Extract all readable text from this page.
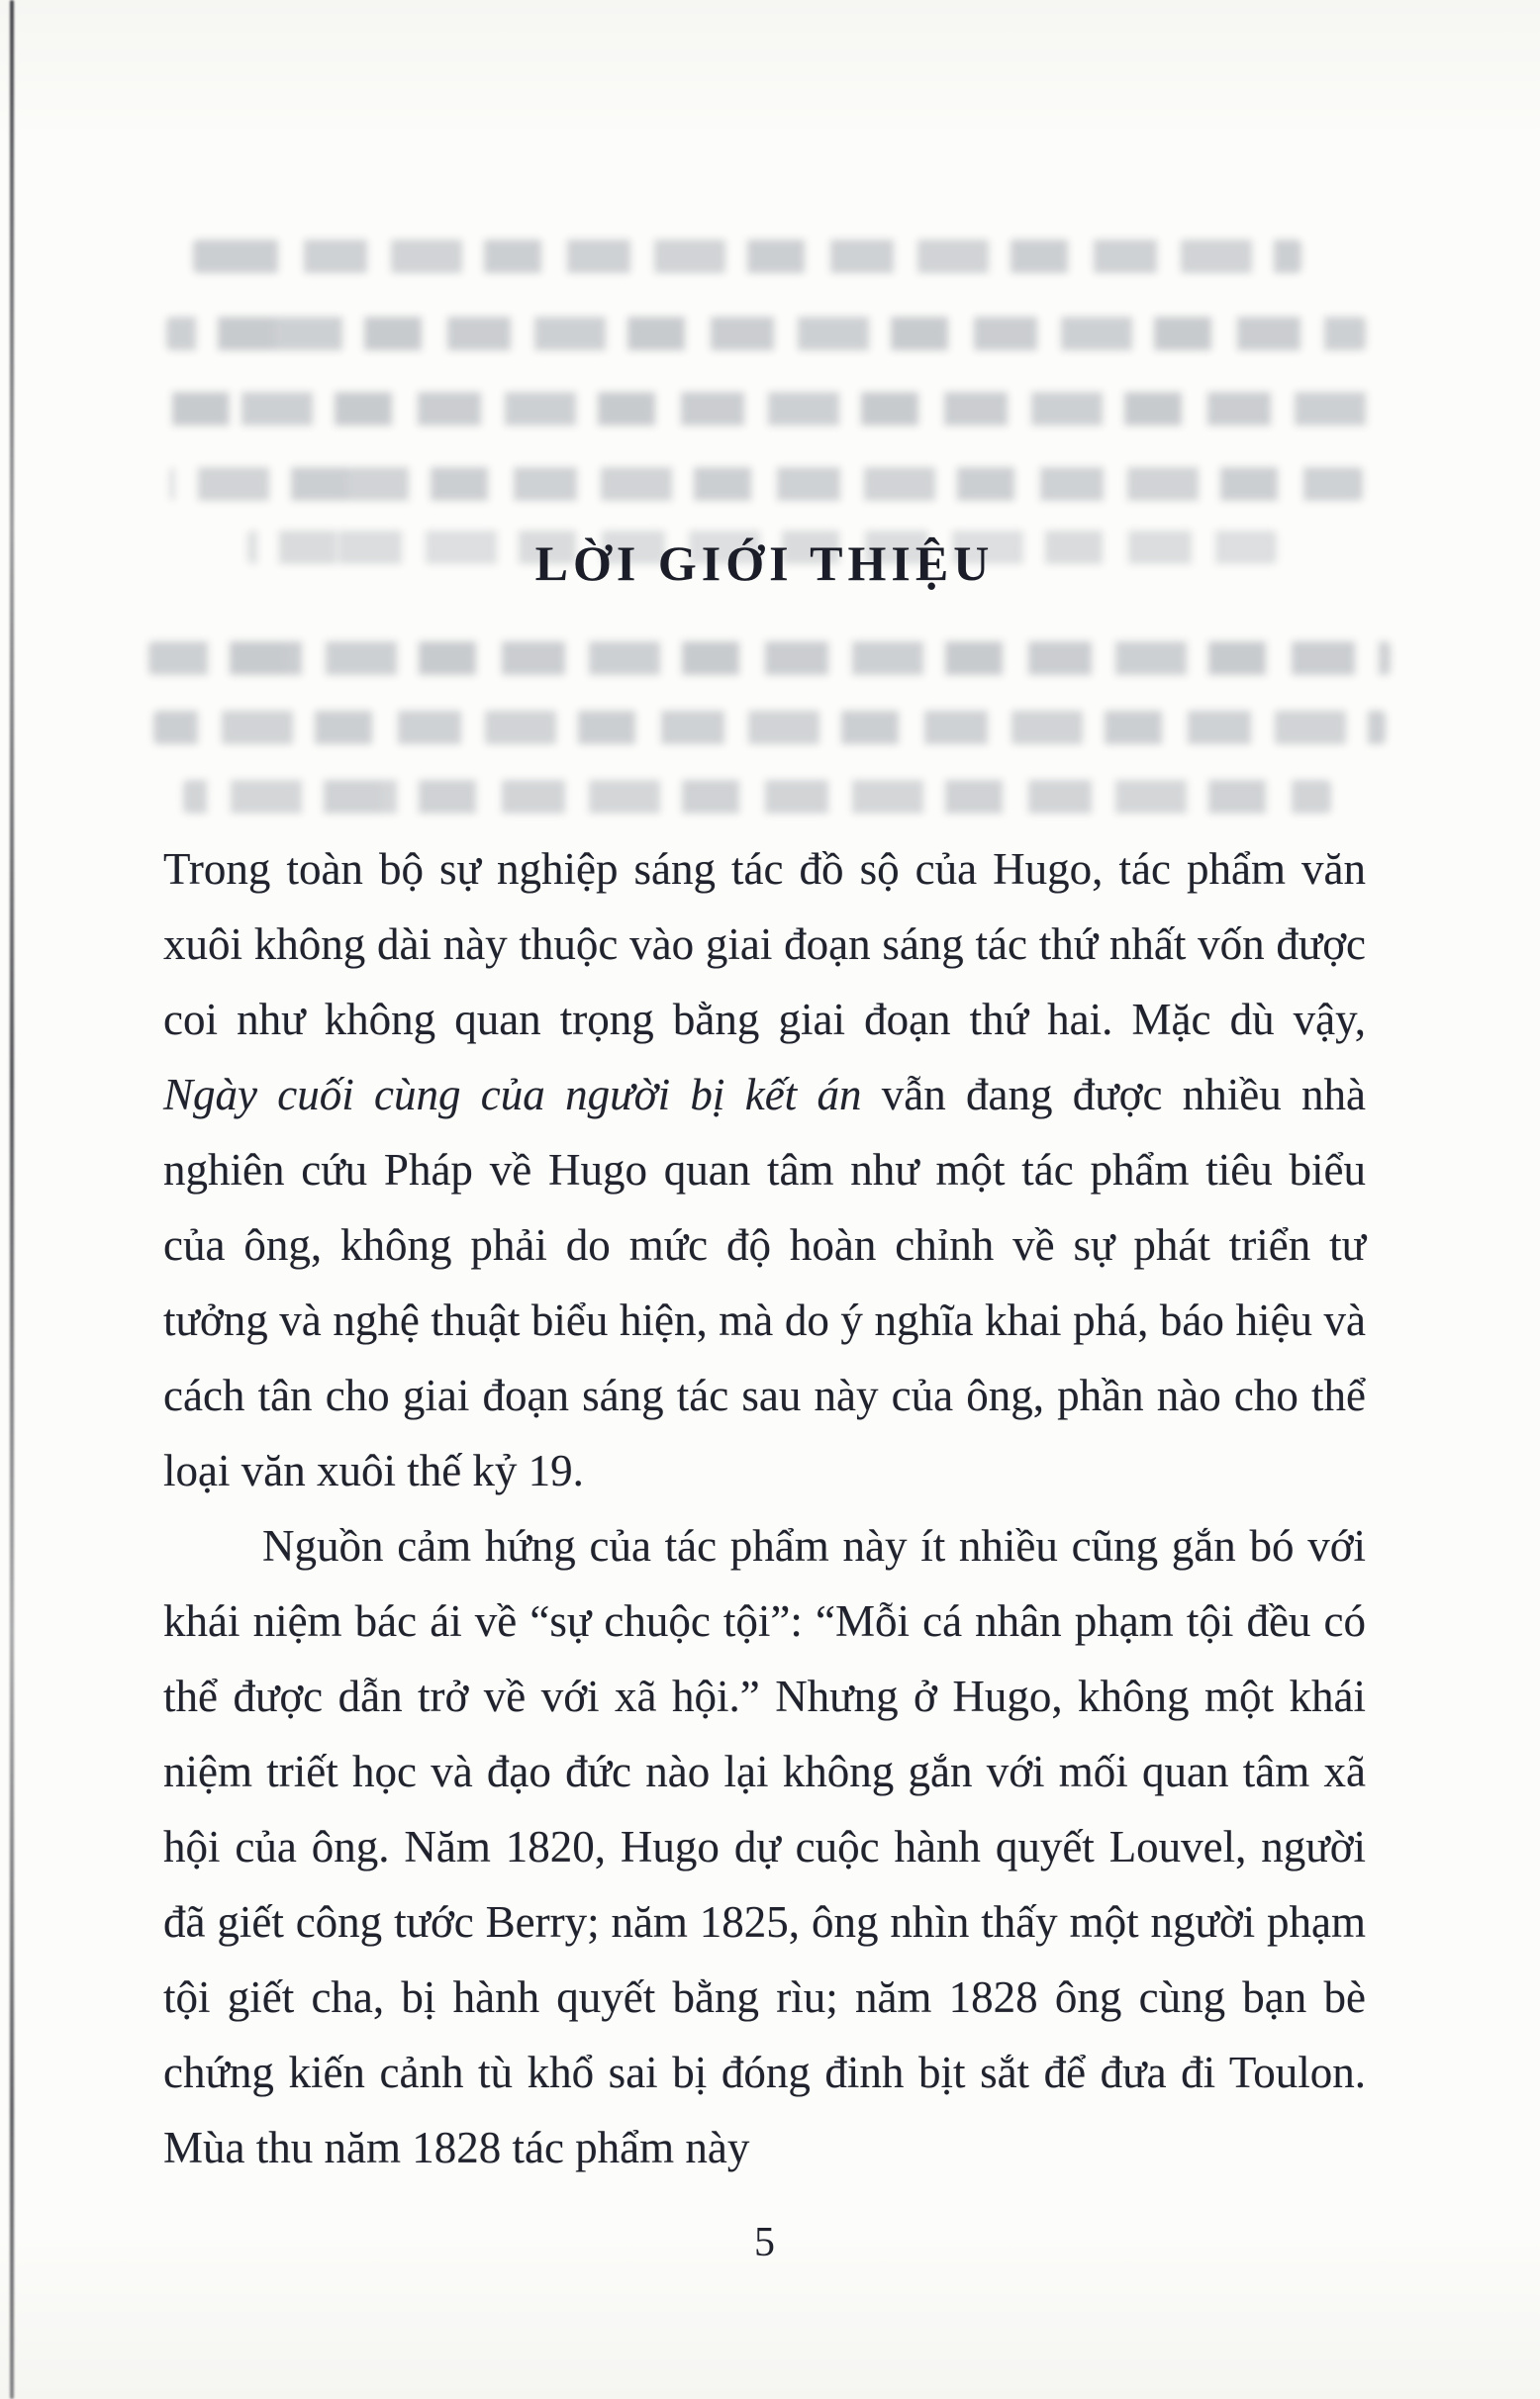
LỜI GIỚI THIỆU

Trong toàn bộ sự nghiệp sáng tác đồ sộ của Hugo, tác phẩm văn xuôi không dài này thuộc vào giai đoạn sáng tác thứ nhất vốn được coi như không quan trọng bằng giai đoạn thứ hai. Mặc dù vậy, Ngày cuối cùng của người bị kết án vẫn đang được nhiều nhà nghiên cứu Pháp về Hugo quan tâm như một tác phẩm tiêu biểu của ông, không phải do mức độ hoàn chỉnh về sự phát triển tư tưởng và nghệ thuật biểu hiện, mà do ý nghĩa khai phá, báo hiệu và cách tân cho giai đoạn sáng tác sau này của ông, phần nào cho thể loại văn xuôi thế kỷ 19.

Nguồn cảm hứng của tác phẩm này ít nhiều cũng gắn bó với khái niệm bác ái về “sự chuộc tội”: “Mỗi cá nhân phạm tội đều có thể được dẫn trở về với xã hội.” Nhưng ở Hugo, không một khái niệm triết học và đạo đức nào lại không gắn với mối quan tâm xã hội của ông. Năm 1820, Hugo dự cuộc hành quyết Louvel, người đã giết công tước Berry; năm 1825, ông nhìn thấy một người phạm tội giết cha, bị hành quyết bằng rìu; năm 1828 ông cùng bạn bè chứng kiến cảnh tù khổ sai bị đóng đinh bịt sắt để đưa đi Toulon. Mùa thu năm 1828 tác phẩm này

5
